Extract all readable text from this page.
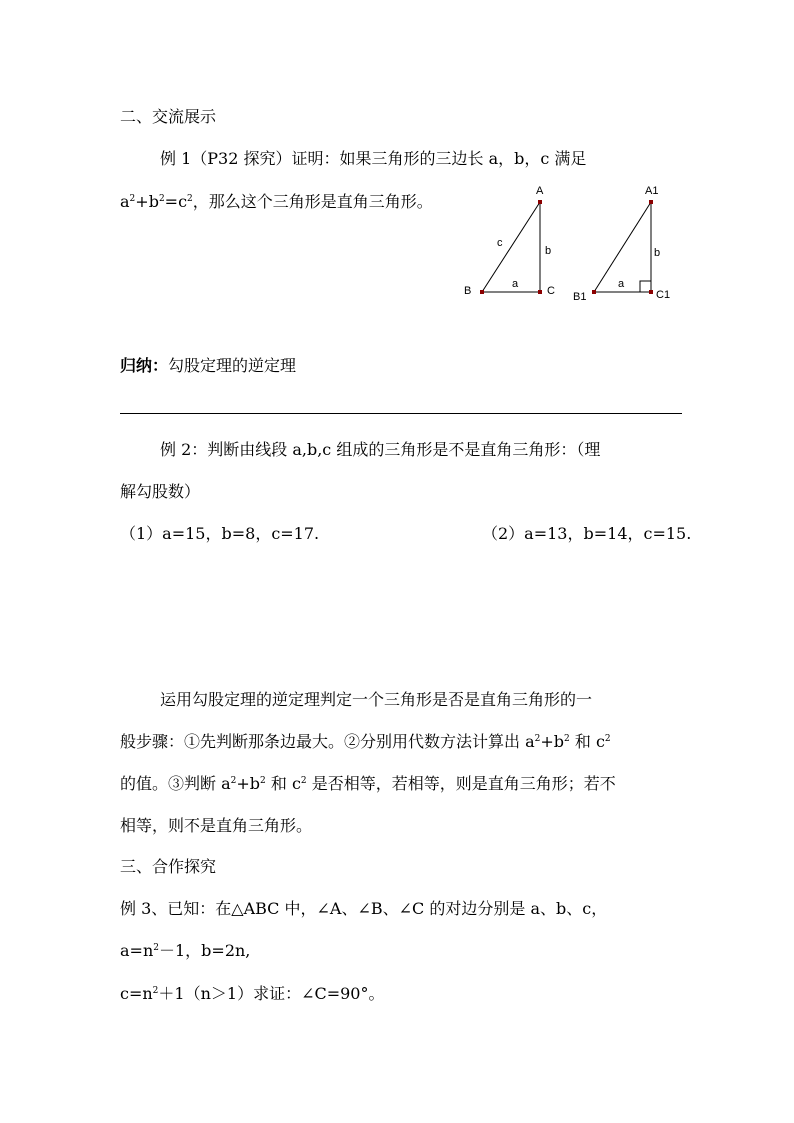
二、交流展示
例 1（P32 探究）证明：如果三角形的三边长 a，b，c 满足
$a^2+b^2=c^2$，那么这个三角形是直角三角形。
A
B	C
a
b
c
A1
B1	C1
a
b
归纳：勾股定理的逆定理
例 2：判断由线段 a,b,c 组成的三角形是不是直角三角形：（理
解勾股数）
（1）a=15，b=8，c=17.	（2）a=13，b=14，c=15.
运用勾股定理的逆定理判定一个三角形是否是直角三角形的一
般步骤：①先判断那条边最大。②分别用代数方法计算出 $a^2+b^2$ 和 $c^2$
的值。③判断 $a^2+b^2$ 和 $c^2$ 是否相等，若相等，则是直角三角形；若不
相等，则不是直角三角形。
三、合作探究
例 3、已知：在△ABC 中，∠A、∠B、∠C 的对边分别是 a、b、c，
$a=n^2-1$，b=2n,
$c=n^2+1(n>1)$求证：∠C=90°。
